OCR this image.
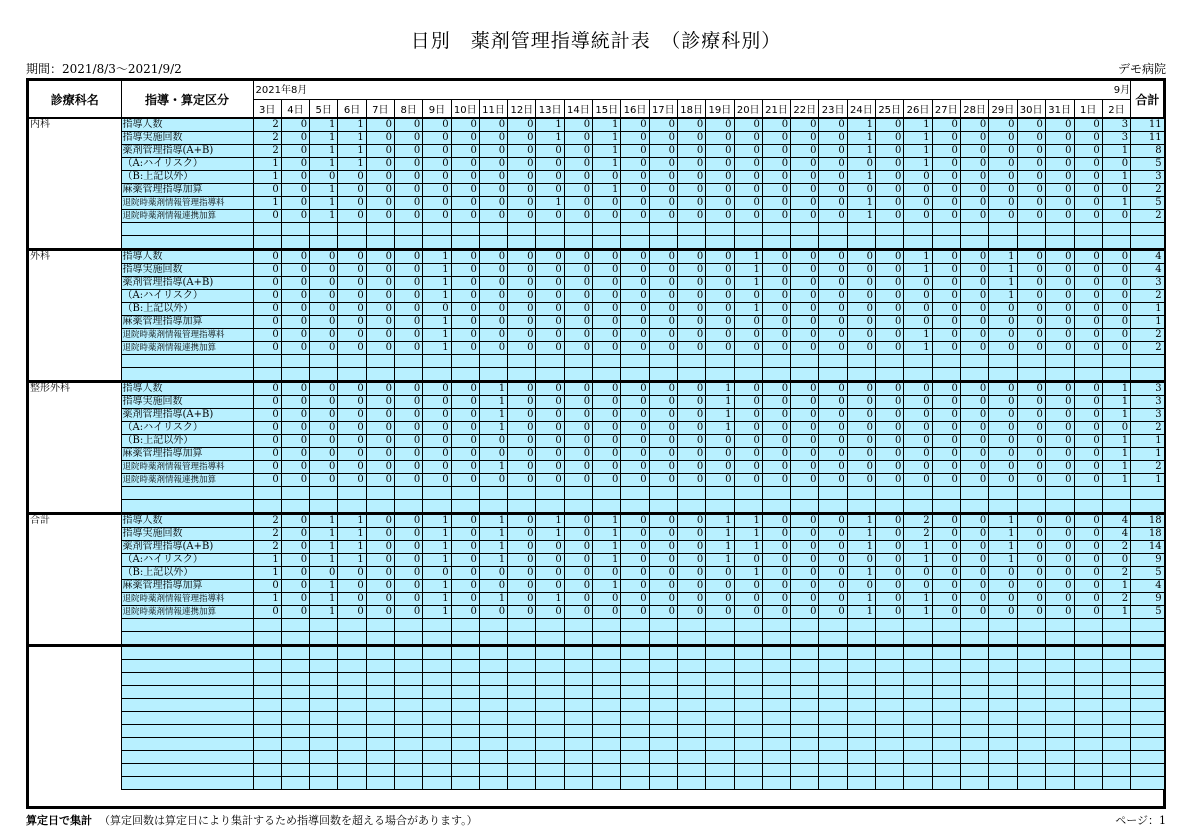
日別　薬剤管理指導統計表　（診療科別）
期間：2021/8/3～2021/9/2	デモ病院
診療科名	指導・算定区分	2021年8月																													9月		合計
		3日	4日	5日	6日	7日	8日	9日	10日	11日	12日	13日	14日	15日	16日	17日	18日	19日	20日	21日	22日	23日	24日	25日	26日	27日	28日	29日	30日	31日	1日	2日	
内科	指導人数	2	0	1	1	0	0	0	0	0	0	1	0	1	0	0	0	0	0	0	0	0	1	0	1	0	0	0	0	0	0	3	11
	指導実施回数	2	0	1	1	0	0	0	0	0	0	1	0	1	0	0	0	0	0	0	0	0	1	0	1	0	0	0	0	0	0	3	11
	薬剤管理指導(A+B)	2	0	1	1	0	0	0	0	0	0	0	0	1	0	0	0	0	0	0	0	0	1	0	1	0	0	0	0	0	0	1	8
	（A:ハイリスク）	1	0	1	1	0	0	0	0	0	0	0	0	1	0	0	0	0	0	0	0	0	0	0	1	0	0	0	0	0	0	0	5
	（B:上記以外）	1	0	0	0	0	0	0	0	0	0	0	0	0	0	0	0	0	0	0	0	0	1	0	0	0	0	0	0	0	0	1	3
	麻薬管理指導加算	0	0	1	0	0	0	0	0	0	0	0	0	1	0	0	0	0	0	0	0	0	0	0	0	0	0	0	0	0	0	0	2
	退院時薬剤情報管理指導料	1	0	1	0	0	0	0	0	0	0	1	0	0	0	0	0	0	0	0	0	0	1	0	0	0	0	0	0	0	0	1	5
	退院時薬剤情報連携加算	0	0	1	0	0	0	0	0	0	0	0	0	0	0	0	0	0	0	0	0	0	1	0	0	0	0	0	0	0	0	0	2

外科	指導人数	0	0	0	0	0	0	1	0	0	0	0	0	0	0	0	0	0	1	0	0	0	0	0	1	0	0	1	0	0	0	0	4
	指導実施回数	0	0	0	0	0	0	1	0	0	0	0	0	0	0	0	0	0	1	0	0	0	0	0	1	0	0	1	0	0	0	0	4
	薬剤管理指導(A+B)	0	0	0	0	0	0	1	0	0	0	0	0	0	0	0	0	0	1	0	0	0	0	0	0	0	0	1	0	0	0	0	3
	（A:ハイリスク）	0	0	0	0	0	0	1	0	0	0	0	0	0	0	0	0	0	0	0	0	0	0	0	0	0	0	1	0	0	0	0	2
	（B:上記以外）	0	0	0	0	0	0	0	0	0	0	0	0	0	0	0	0	0	1	0	0	0	0	0	0	0	0	0	0	0	0	0	1
	麻薬管理指導加算	0	0	0	0	0	0	1	0	0	0	0	0	0	0	0	0	0	0	0	0	0	0	0	0	0	0	0	0	0	0	0	1
	退院時薬剤情報管理指導料	0	0	0	0	0	0	1	0	0	0	0	0	0	0	0	0	0	0	0	0	0	0	0	1	0	0	0	0	0	0	0	2
	退院時薬剤情報連携加算	0	0	0	0	0	0	1	0	0	0	0	0	0	0	0	0	0	0	0	0	0	0	0	1	0	0	0	0	0	0	0	2

整形外科	指導人数	0	0	0	0	0	0	0	0	1	0	0	0	0	0	0	0	1	0	0	0	0	0	0	0	0	0	0	0	0	0	1	3
	指導実施回数	0	0	0	0	0	0	0	0	1	0	0	0	0	0	0	0	1	0	0	0	0	0	0	0	0	0	0	0	0	0	1	3
	薬剤管理指導(A+B)	0	0	0	0	0	0	0	0	1	0	0	0	0	0	0	0	1	0	0	0	0	0	0	0	0	0	0	0	0	0	1	3
	（A:ハイリスク）	0	0	0	0	0	0	0	0	1	0	0	0	0	0	0	0	1	0	0	0	0	0	0	0	0	0	0	0	0	0	0	2
	（B:上記以外）	0	0	0	0	0	0	0	0	0	0	0	0	0	0	0	0	0	0	0	0	0	0	0	0	0	0	0	0	0	0	1	1
	麻薬管理指導加算	0	0	0	0	0	0	0	0	0	0	0	0	0	0	0	0	0	0	0	0	0	0	0	0	0	0	0	0	0	0	1	1
	退院時薬剤情報管理指導料	0	0	0	0	0	0	0	0	1	0	0	0	0	0	0	0	0	0	0	0	0	0	0	0	0	0	0	0	0	0	1	2
	退院時薬剤情報連携加算	0	0	0	0	0	0	0	0	0	0	0	0	0	0	0	0	0	0	0	0	0	0	0	0	0	0	0	0	0	0	1	1

合計	指導人数	2	0	1	1	0	0	1	0	1	0	1	0	1	0	0	0	1	1	0	0	0	1	0	2	0	0	1	0	0	0	4	18
	指導実施回数	2	0	1	1	0	0	1	0	1	0	1	0	1	0	0	0	1	1	0	0	0	1	0	2	0	0	1	0	0	0	4	18
	薬剤管理指導(A+B)	2	0	1	1	0	0	1	0	1	0	0	0	1	0	0	0	1	1	0	0	0	1	0	1	0	0	1	0	0	0	2	14
	（A:ハイリスク）	1	0	1	1	0	0	1	0	1	0	0	0	1	0	0	0	1	0	0	0	0	0	0	1	0	0	1	0	0	0	0	9
	（B:上記以外）	1	0	0	0	0	0	0	0	0	0	0	0	0	0	0	0	0	1	0	0	0	1	0	0	0	0	0	0	0	0	2	5
	麻薬管理指導加算	0	0	1	0	0	0	1	0	0	0	0	0	1	0	0	0	0	0	0	0	0	0	0	0	0	0	0	0	0	0	1	4
	退院時薬剤情報管理指導料	1	0	1	0	0	0	1	0	1	0	1	0	0	0	0	0	0	0	0	0	0	1	0	1	0	0	0	0	0	0	2	9
	退院時薬剤情報連携加算	0	0	1	0	0	0	1	0	0	0	0	0	0	0	0	0	0	0	0	0	0	1	0	1	0	0	0	0	0	0	1	5

算定日で集計 （算定回数は算定日により集計するため指導回数を超える場合があります。）	ページ：1
